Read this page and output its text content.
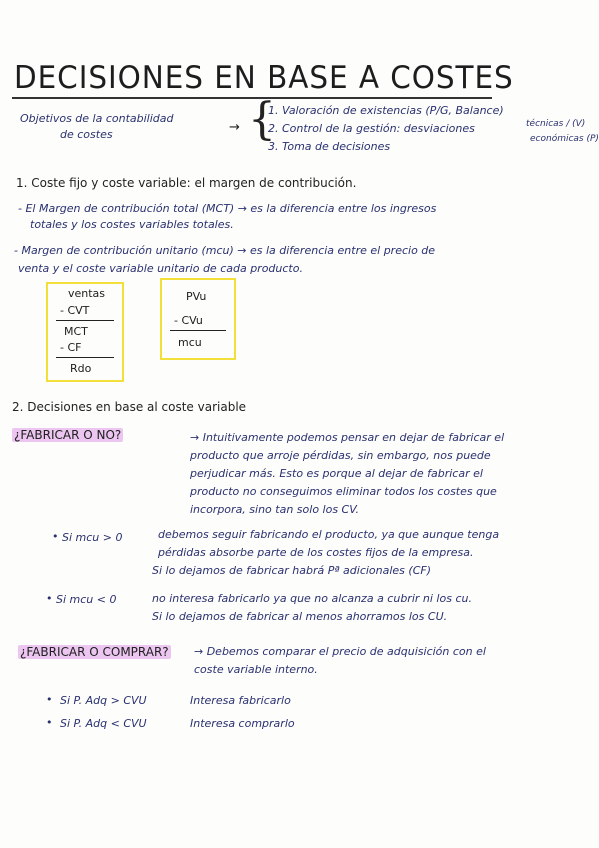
DECISIONES EN BASE A COSTES
Objetivos de la contabilidad
de costes	→ {
1. Valoración de existencias (P/G, Balance)
2. Control de la gestión: desviaciones
3. Toma de decisiones
técnicas / (V)
económicas (P)
1. Coste fijo y coste variable: el margen de contribución.
- El Margen de contribución total (MCT) → es la diferencia entre los ingresos
totales y los costes variables totales.
- Margen de contribución unitario (mcu) → es la diferencia entre el precio de
venta y el coste variable unitario de cada producto.
ventas
- CVT
MCT
- CF
Rdo
PVu
- CVu
mcu
2. Decisiones en base al coste variable
¿FABRICAR O NO?	→ Intuitivamente podemos pensar en dejar de fabricar el
producto que arroje pérdidas, sin embargo, nos puede
perjudicar más. Esto es porque al dejar de fabricar el
producto no conseguimos eliminar todos los costes que
incorpora, sino tan solo los CV.
• Si mcu > 0	debemos seguir fabricando el producto, ya que aunque tenga
pérdidas absorbe parte de los costes fijos de la empresa.
Si lo dejamos de fabricar habrá Pª adicionales (CF)
• Si mcu < 0	no interesa fabricarlo ya que no alcanza a cubrir ni los cu.
Si lo dejamos de fabricar al menos ahorramos los CU.
¿FABRICAR O COMPRAR? → Debemos comparar el precio de adquisición con el
coste variable interno.
• Si P. Adq > CVU	Interesa fabricarlo
• Si P. Adq < CVU	Interesa comprarlo
